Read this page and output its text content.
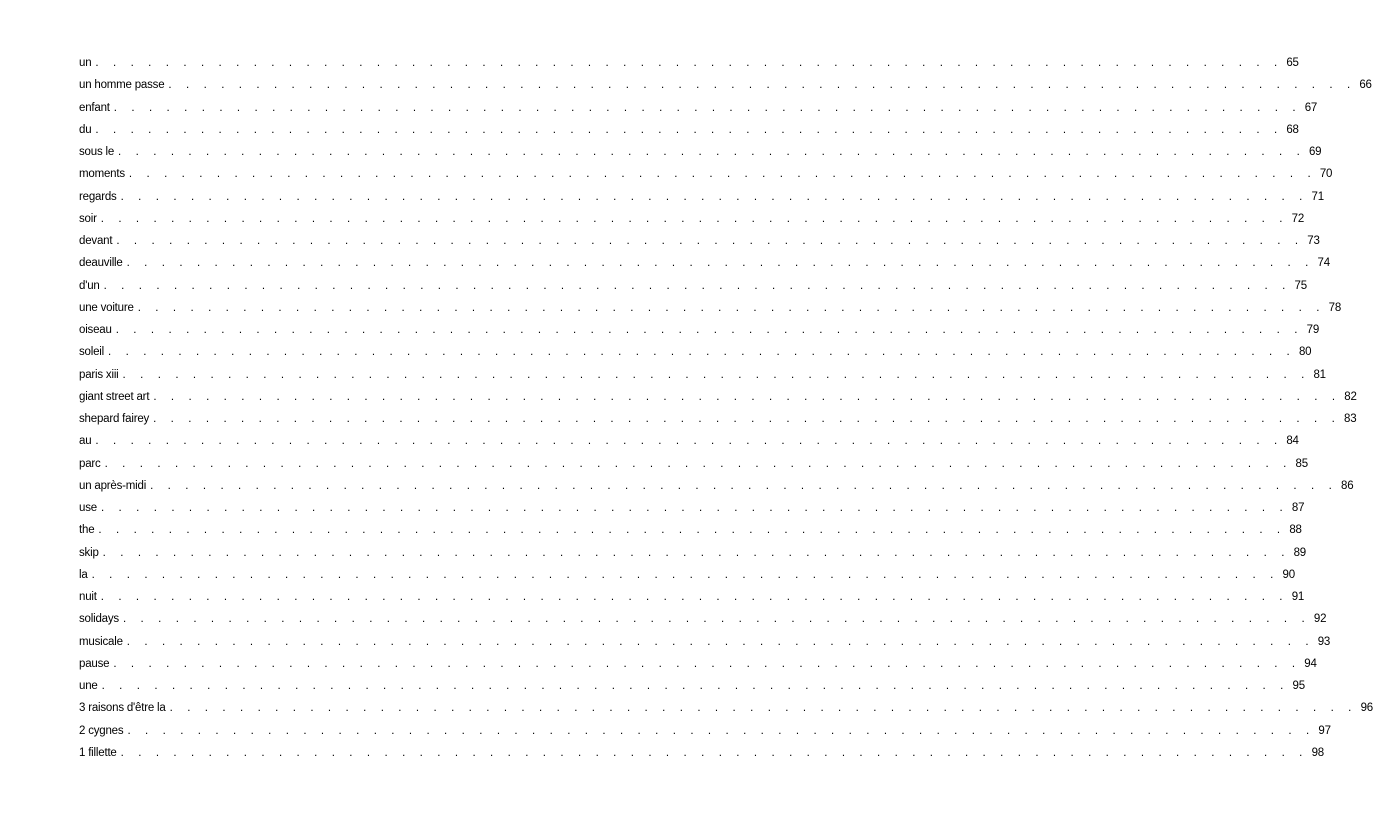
un . . . . . . . . . . . . . . . . . . . . . . . . . . . . . . . . . . . . . . . . . . . . . . . . . . . . . . . . . . . . . . . . . . . . 65
un homme passe . . . . . . . . . . . . . . . . . . . . . . . . . . . . . . . . . . . . . . . . . . . . . . . . . . . . . . . . . . . . . . . . . . . . 66
enfant . . . . . . . . . . . . . . . . . . . . . . . . . . . . . . . . . . . . . . . . . . . . . . . . . . . . . . . . . . . . . . . . . . . . 67
du . . . . . . . . . . . . . . . . . . . . . . . . . . . . . . . . . . . . . . . . . . . . . . . . . . . . . . . . . . . . . . . . . . . . 68
sous le . . . . . . . . . . . . . . . . . . . . . . . . . . . . . . . . . . . . . . . . . . . . . . . . . . . . . . . . . . . . . . . . . . . . 69
moments . . . . . . . . . . . . . . . . . . . . . . . . . . . . . . . . . . . . . . . . . . . . . . . . . . . . . . . . . . . . . . . . . . . . 70
regards . . . . . . . . . . . . . . . . . . . . . . . . . . . . . . . . . . . . . . . . . . . . . . . . . . . . . . . . . . . . . . . . . . . . 71
soir . . . . . . . . . . . . . . . . . . . . . . . . . . . . . . . . . . . . . . . . . . . . . . . . . . . . . . . . . . . . . . . . . . . . 72
devant . . . . . . . . . . . . . . . . . . . . . . . . . . . . . . . . . . . . . . . . . . . . . . . . . . . . . . . . . . . . . . . . . . . . 73
deauville . . . . . . . . . . . . . . . . . . . . . . . . . . . . . . . . . . . . . . . . . . . . . . . . . . . . . . . . . . . . . . . . . . . . 74
d'un . . . . . . . . . . . . . . . . . . . . . . . . . . . . . . . . . . . . . . . . . . . . . . . . . . . . . . . . . . . . . . . . . . . . 75
une voiture . . . . . . . . . . . . . . . . . . . . . . . . . . . . . . . . . . . . . . . . . . . . . . . . . . . . . . . . . . . . . . . . . . . . 78
oiseau . . . . . . . . . . . . . . . . . . . . . . . . . . . . . . . . . . . . . . . . . . . . . . . . . . . . . . . . . . . . . . . . . . . . 79
soleil . . . . . . . . . . . . . . . . . . . . . . . . . . . . . . . . . . . . . . . . . . . . . . . . . . . . . . . . . . . . . . . . . . . . 80
paris xiii . . . . . . . . . . . . . . . . . . . . . . . . . . . . . . . . . . . . . . . . . . . . . . . . . . . . . . . . . . . . . . . . . . . . 81
giant street art . . . . . . . . . . . . . . . . . . . . . . . . . . . . . . . . . . . . . . . . . . . . . . . . . . . . . . . . . . . . . . . . . . . . 82
shepard fairey . . . . . . . . . . . . . . . . . . . . . . . . . . . . . . . . . . . . . . . . . . . . . . . . . . . . . . . . . . . . . . . . . . . . 83
au . . . . . . . . . . . . . . . . . . . . . . . . . . . . . . . . . . . . . . . . . . . . . . . . . . . . . . . . . . . . . . . . . . . . 84
parc . . . . . . . . . . . . . . . . . . . . . . . . . . . . . . . . . . . . . . . . . . . . . . . . . . . . . . . . . . . . . . . . . . . . 85
un après-midi . . . . . . . . . . . . . . . . . . . . . . . . . . . . . . . . . . . . . . . . . . . . . . . . . . . . . . . . . . . . . . . . . . . . 86
use . . . . . . . . . . . . . . . . . . . . . . . . . . . . . . . . . . . . . . . . . . . . . . . . . . . . . . . . . . . . . . . . . . . . 87
the . . . . . . . . . . . . . . . . . . . . . . . . . . . . . . . . . . . . . . . . . . . . . . . . . . . . . . . . . . . . . . . . . . . . 88
skip . . . . . . . . . . . . . . . . . . . . . . . . . . . . . . . . . . . . . . . . . . . . . . . . . . . . . . . . . . . . . . . . . . . . 89
la . . . . . . . . . . . . . . . . . . . . . . . . . . . . . . . . . . . . . . . . . . . . . . . . . . . . . . . . . . . . . . . . . . . . 90
nuit . . . . . . . . . . . . . . . . . . . . . . . . . . . . . . . . . . . . . . . . . . . . . . . . . . . . . . . . . . . . . . . . . . . . 91
solidays . . . . . . . . . . . . . . . . . . . . . . . . . . . . . . . . . . . . . . . . . . . . . . . . . . . . . . . . . . . . . . . . . . . . 92
musicale . . . . . . . . . . . . . . . . . . . . . . . . . . . . . . . . . . . . . . . . . . . . . . . . . . . . . . . . . . . . . . . . . . . . 93
pause . . . . . . . . . . . . . . . . . . . . . . . . . . . . . . . . . . . . . . . . . . . . . . . . . . . . . . . . . . . . . . . . . . . . 94
une . . . . . . . . . . . . . . . . . . . . . . . . . . . . . . . . . . . . . . . . . . . . . . . . . . . . . . . . . . . . . . . . . . . . 95
3 raisons d'être la . . . . . . . . . . . . . . . . . . . . . . . . . . . . . . . . . . . . . . . . . . . . . . . . . . . . . . . . . . . . . . . . . . . . 96
2 cygnes . . . . . . . . . . . . . . . . . . . . . . . . . . . . . . . . . . . . . . . . . . . . . . . . . . . . . . . . . . . . . . . . . . . . 97
1 fillette . . . . . . . . . . . . . . . . . . . . . . . . . . . . . . . . . . . . . . . . . . . . . . . . . . . . . . . . . . . . . . . . . . . . 98
